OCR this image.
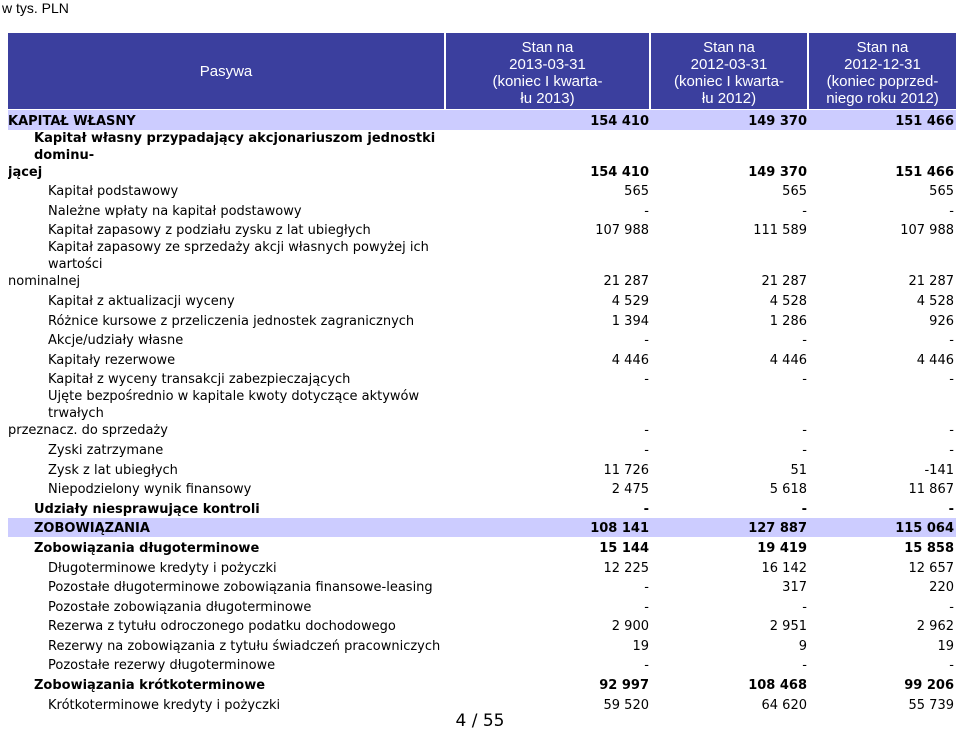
w tys. PLN
Pasywa
Stan na
2013-03-31
(koniec I kwarta-
łu 2013)
Stan na
2012-03-31
(koniec I kwarta-
łu 2012)
Stan na
2012-12-31
(koniec poprzed-
niego roku 2012)
KAPITAŁ WŁASNY	154 410	149 370	151 466

Kapitał własny przypadający akcjonariuszom jednostki dominu-
jącej	154 410	149 370	151 466
Kapitał podstawowy	565	565	565
Należne wpłaty na kapitał podstawowy	-	-	-
Kapitał zapasowy z podziału zysku z lat ubiegłych	107 988	111 589	107 988

Kapitał zapasowy ze sprzedaży akcji własnych powyżej ich wartości
nominalnej	21 287	21 287	21 287
Kapitał z aktualizacji wyceny	4 529	4 528	4 528
Różnice kursowe z przeliczenia jednostek zagranicznych	1 394	1 286	926
Akcje/udziały własne	-	-	-
Kapitały rezerwowe	4 446	4 446	4 446
Kapitał z wyceny transakcji zabezpieczających	-	-	-

Ujęte bezpośrednio w kapitale kwoty dotyczące aktywów trwałych
przeznacz. do sprzedaży	-	-	-
Zyski zatrzymane	-	-	-
Zysk z lat ubiegłych	11 726	51	-141
Niepodzielony wynik finansowy	2 475	5 618	11 867
Udziały niesprawujące kontroli	-	-	-
ZOBOWIĄZANIA	108 141	127 887	115 064
Zobowiązania długoterminowe	15 144	19 419	15 858
Długoterminowe kredyty i pożyczki	12 225	16 142	12 657
Pozostałe długoterminowe zobowiązania finansowe-leasing	-	317	220
Pozostałe zobowiązania długoterminowe	-	-	-
Rezerwa z tytułu odroczonego podatku dochodowego	2 900	2 951	2 962
Rezerwy na zobowiązania z tytułu świadczeń pracowniczych	19	9	19
Pozostałe rezerwy długoterminowe	-	-	-
Zobowiązania krótkoterminowe	92 997	108 468	99 206
Krótkoterminowe kredyty i pożyczki	59 520	64 620	55 739
4 / 55
